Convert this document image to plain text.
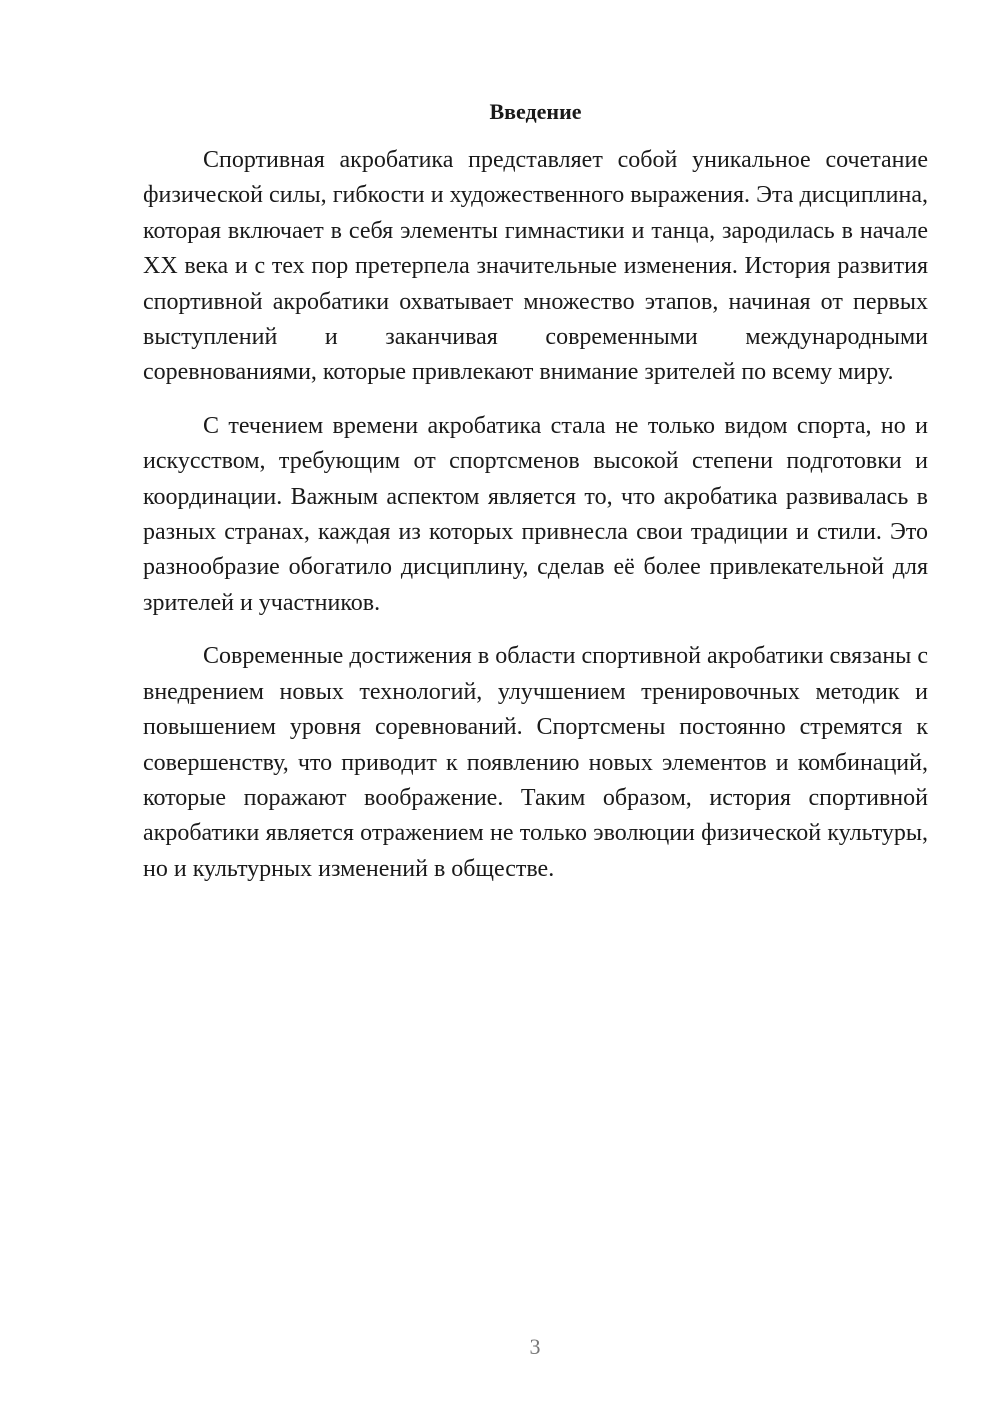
Введение

Спортивная акробатика представляет собой уникальное сочетание физической силы, гибкости и художественного выражения. Эта дисциплина, которая включает в себя элементы гимнастики и танца, зародилась в начале XX века и с тех пор претерпела значительные изменения. История развития спортивной акробатики охватывает множество этапов, начиная от первых выступлений и заканчивая современными международными соревнованиями, которые привлекают внимание зрителей по всему миру.

С течением времени акробатика стала не только видом спорта, но и искусством, требующим от спортсменов высокой степени подготовки и координации. Важным аспектом является то, что акробатика развивалась в разных странах, каждая из которых привнесла свои традиции и стили. Это разнообразие обогатило дисциплину, сделав её более привлекательной для зрителей и участников.

Современные достижения в области спортивной акробатики связаны с внедрением новых технологий, улучшением тренировочных методик и повышением уровня соревнований. Спортсмены постоянно стремятся к совершенству, что приводит к появлению новых элементов и комбинаций, которые поражают воображение. Таким образом, история спортивной акробатики является отражением не только эволюции физической культуры, но и культурных изменений в обществе.

3
